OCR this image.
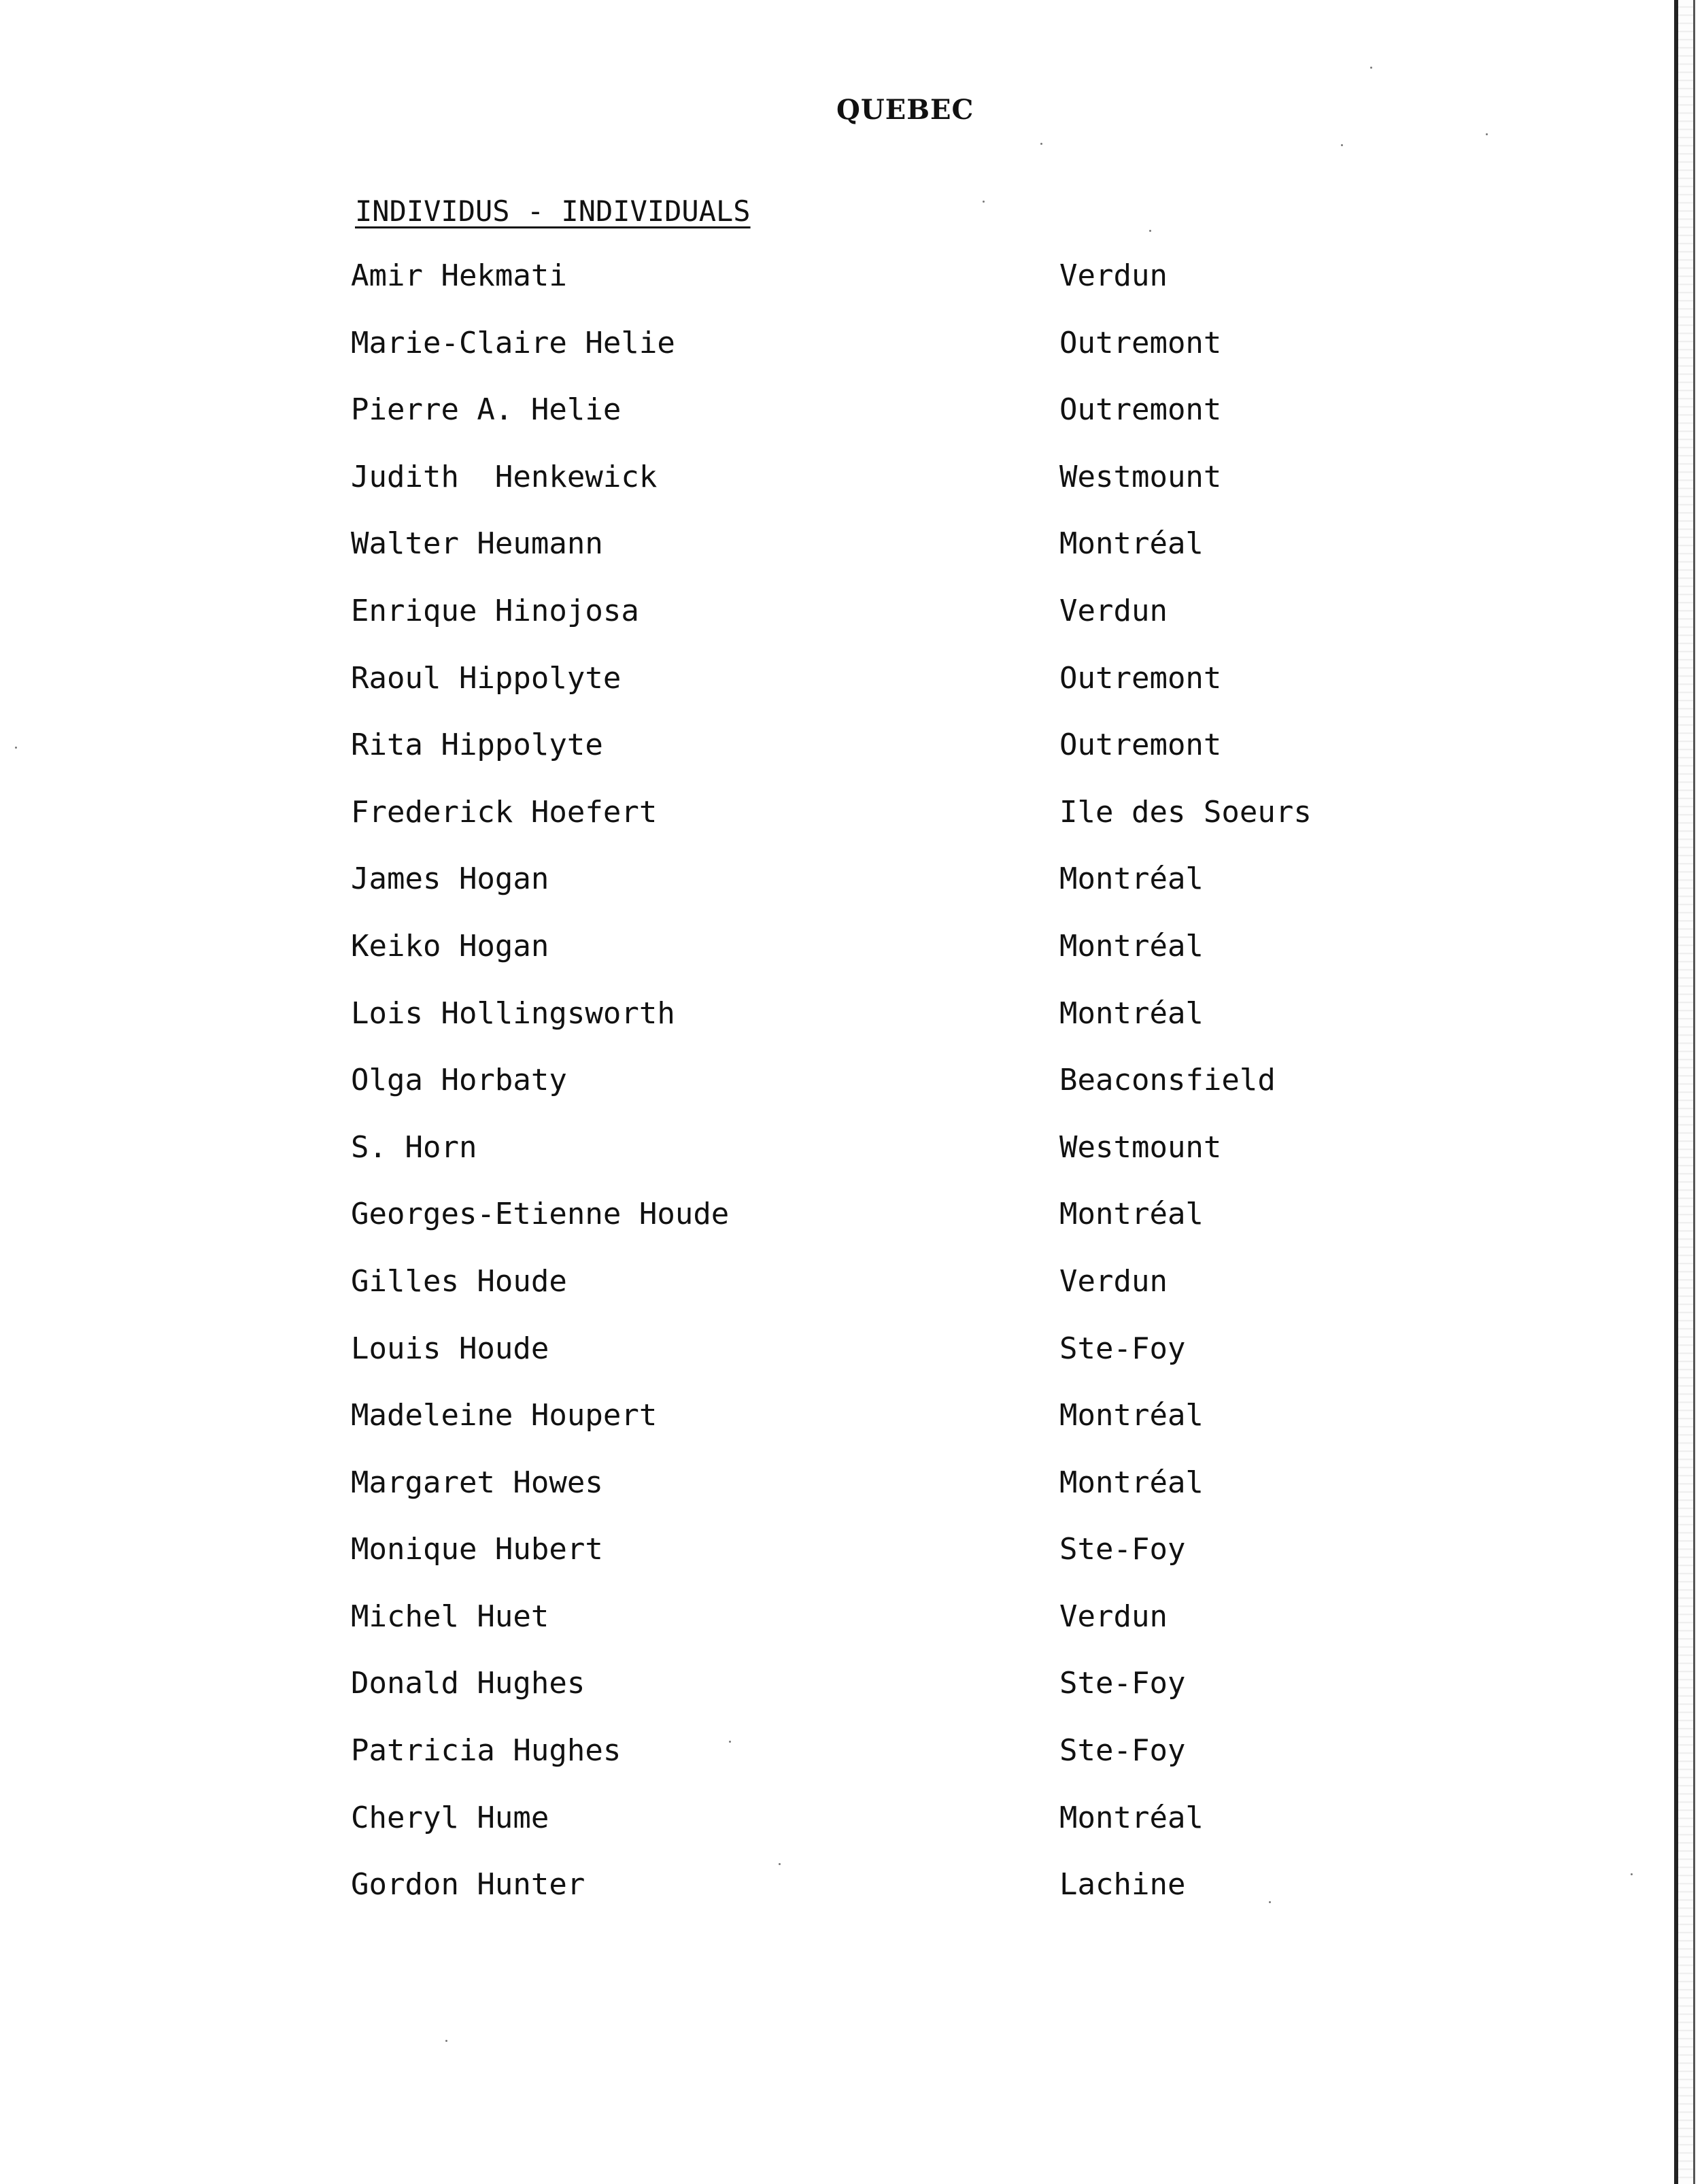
QUEBEC
INDIVIDUS - INDIVIDUALS
Amir Hekmati	Verdun
Marie-Claire Helie	Outremont
Pierre A. Helie	Outremont
Judith  Henkewick	Westmount
Walter Heumann	Montréal
Enrique Hinojosa	Verdun
Raoul Hippolyte	Outremont
Rita Hippolyte	Outremont
Frederick Hoefert	Ile des Soeurs
James Hogan	Montréal
Keiko Hogan	Montréal
Lois Hollingsworth	Montréal
Olga Horbaty	Beaconsfield
S. Horn	Westmount
Georges-Etienne Houde	Montréal
Gilles Houde	Verdun
Louis Houde	Ste-Foy
Madeleine Houpert	Montréal
Margaret Howes	Montréal
Monique Hubert	Ste-Foy
Michel Huet	Verdun
Donald Hughes	Ste-Foy
Patricia Hughes	Ste-Foy
Cheryl Hume	Montréal
Gordon Hunter	Lachine
